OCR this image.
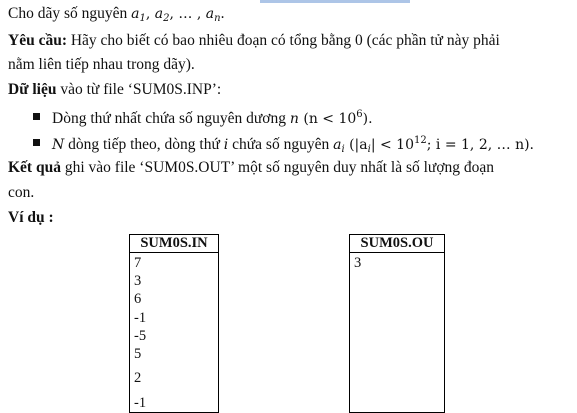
Cho dãy số nguyên $a_1$, $a_2$, … , $a_n$.
Yêu cầu: Hãy cho biết có bao nhiêu đoạn có tổng bằng 0 (các phần tử này phải
nằm liên tiếp nhau trong dãy).
Dữ liệu vào từ file ‘SUM0S.INP’:
Dòng thứ nhất chứa số nguyên dương n $(n < 10^6)$.
N dòng tiếp theo, dòng thứ i chứa số nguyên $a_i$ ($|a_i| < 10^{12}$; i = 1, 2, … n).
Kết quả ghi vào file ‘SUM0S.OUT’ một số nguyên duy nhất là số lượng đoạn
con.
Ví dụ :
SUM0S.IN
7
3
6
-1
-5
5
2
-1
SUM0S.OU
3
